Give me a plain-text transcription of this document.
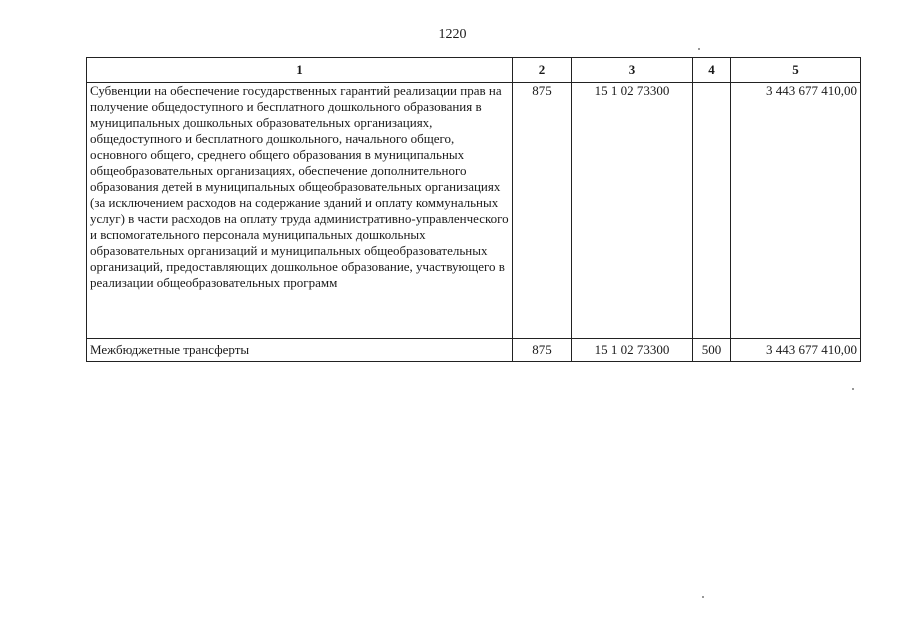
1220
1	2	3	4	5
Субвенции на обеспечение государственных гарантий реализации прав на получение общедоступного и бесплатного дошкольного образования в муниципальных дошкольных образовательных организациях, общедоступного и бесплатного дошкольного, начального общего, основного общего, среднего общего образования в муниципальных общеобразовательных организациях, обеспечение дополнительного образования детей в муниципальных общеобразовательных организациях (за исключением расходов на содержание зданий и оплату коммунальных услуг) в части расходов на оплату труда административно-управленческого и вспомогательного персонала муниципальных дошкольных образовательных организаций и муниципальных общеобразовательных организаций, предоставляющих дошкольное образование, участвующего в реализации общеобразовательных программ	875	15 1 02 73300		3 443 677 410,00
Межбюджетные трансферты	875	15 1 02 73300	500	3 443 677 410,00
